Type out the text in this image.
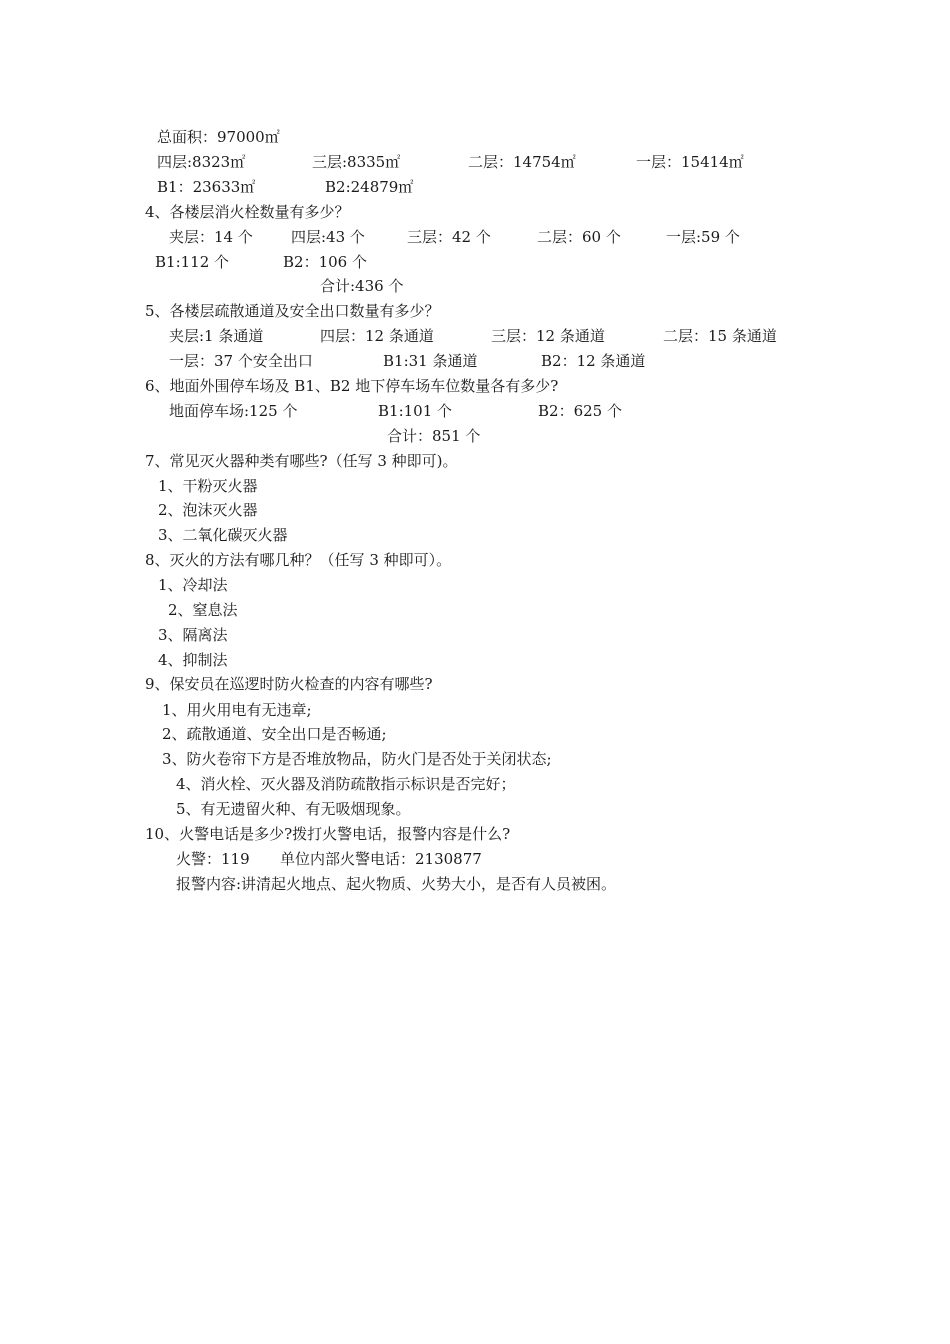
总面积：97000㎡
四层:8323㎡	三层:8335㎡	二层：14754㎡	一层：15414㎡
B1：23633㎡	B2:24879㎡
4、各楼层消火栓数量有多少？
夹层：14 个	四层:43 个	三层：42 个	二层：60 个	一层:59 个
B1:112 个	B2：106 个
合计:436 个
5、各楼层疏散通道及安全出口数量有多少？
夹层:1 条通道	四层：12 条通道	三层：12 条通道	二层：15 条通道
一层：37 个安全出口	B1:31 条通道	B2：12 条通道
6、地面外围停车场及 B1、B2 地下停车场车位数量各有多少?
地面停车场:125 个	B1:101 个	B2：625 个
合计：851 个
7、常见灭火器种类有哪些?（任写 3 种即可)。
1、干粉灭火器
2、泡沫灭火器
3、二氧化碳灭火器
8、灭火的方法有哪几种？（任写 3 种即可）。
1、冷却法
2、窒息法
3、隔离法
4、抑制法
9、保安员在巡逻时防火检查的内容有哪些?
1、用火用电有无违章;
2、疏散通道、安全出口是否畅通;
3、防火卷帘下方是否堆放物品，防火门是否处于关闭状态;
4、消火栓、灭火器及消防疏散指示标识是否完好；
5、有无遗留火种、有无吸烟现象。
10、火警电话是多少?拨打火警电话，报警内容是什么?
火警：119 单位内部火警电话：2130877
报警内容:讲清起火地点、起火物质、火势大小，是否有人员被困。
